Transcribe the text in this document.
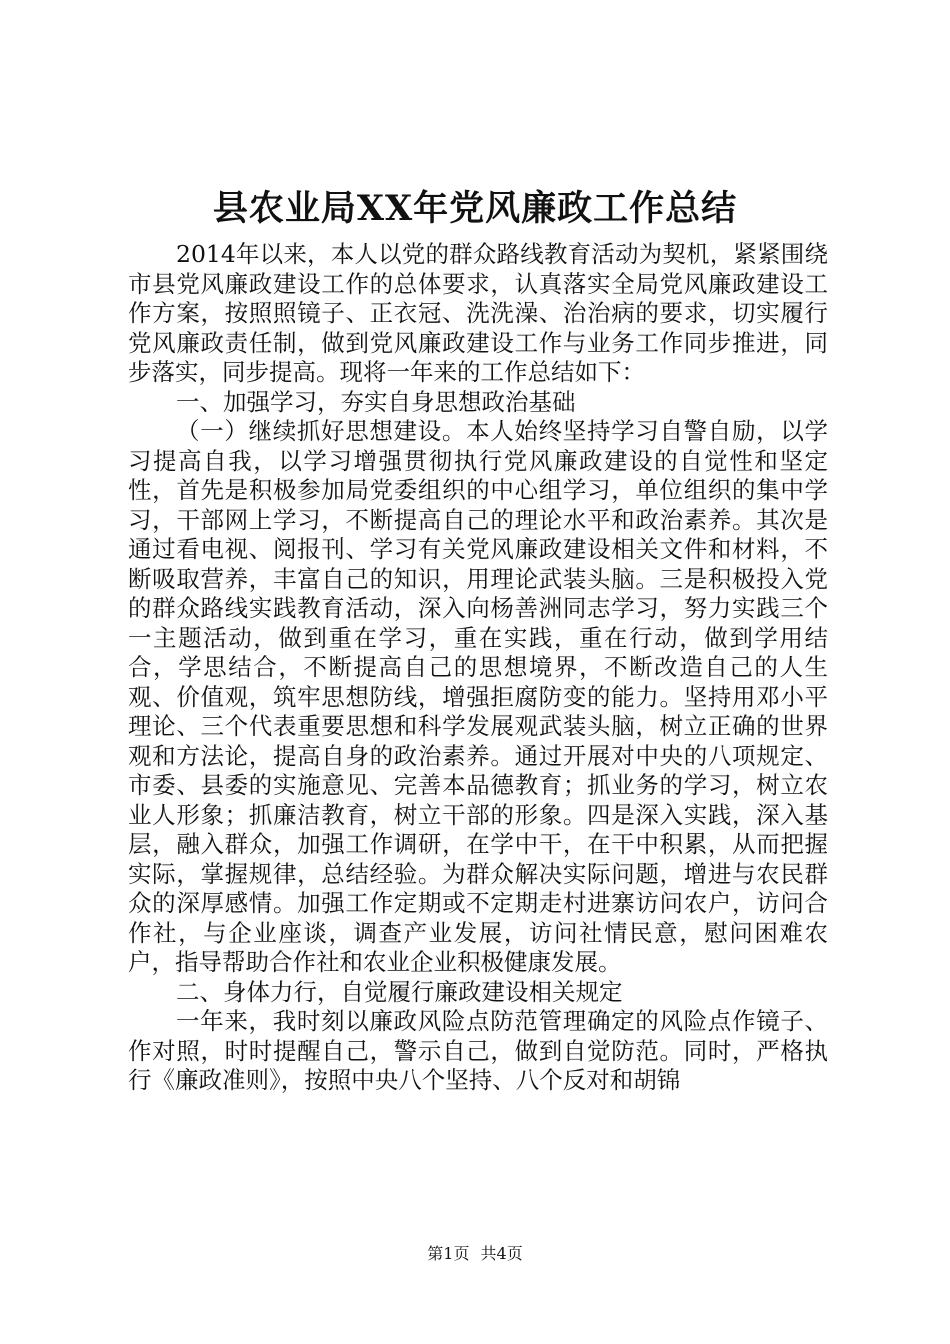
县农业局XX年党风廉政工作总结

2014年以来，本人以党的群众路线教育活动为契机，紧紧围绕市县党风廉政建设工作的总体要求，认真落实全局党风廉政建设工作方案，按照照镜子、正衣冠、洗洗澡、治治病的要求，切实履行党风廉政责任制，做到党风廉政建设工作与业务工作同步推进，同步落实，同步提高。现将一年来的工作总结如下：

一、加强学习，夯实自身思想政治基础

（一）继续抓好思想建设。本人始终坚持学习自警自励，以学习提高自我，以学习增强贯彻执行党风廉政建设的自觉性和坚定性，首先是积极参加局党委组织的中心组学习，单位组织的集中学习，干部网上学习，不断提高自己的理论水平和政治素养。其次是通过看电视、阅报刊、学习有关党风廉政建设相关文件和材料，不断吸取营养，丰富自己的知识，用理论武装头脑。三是积极投入党的群众路线实践教育活动，深入向杨善洲同志学习，努力实践三个一主题活动，做到重在学习，重在实践，重在行动，做到学用结合，学思结合，不断提高自己的思想境界，不断改造自己的人生观、价值观，筑牢思想防线，增强拒腐防变的能力。坚持用邓小平理论、三个代表重要思想和科学发展观武装头脑，树立正确的世界观和方法论，提高自身的政治素养。通过开展对中央的八项规定、市委、县委的实施意见、完善本品德教育；抓业务的学习，树立农业人形象；抓廉洁教育，树立干部的形象。四是深入实践，深入基层，融入群众，加强工作调研，在学中干，在干中积累，从而把握实际，掌握规律，总结经验。为群众解决实际问题，增进与农民群众的深厚感情。加强工作定期或不定期走村进寨访问农户，访问合作社，与企业座谈，调查产业发展，访问社情民意，慰问困难农户，指导帮助合作社和农业企业积极健康发展。

二、身体力行，自觉履行廉政建设相关规定

一年来，我时刻以廉政风险点防范管理确定的风险点作镜子、作对照，时时提醒自己，警示自己，做到自觉防范。同时，严格执行《廉政准则》，按照中央八个坚持、八个反对和胡锦

第1页 共4页
